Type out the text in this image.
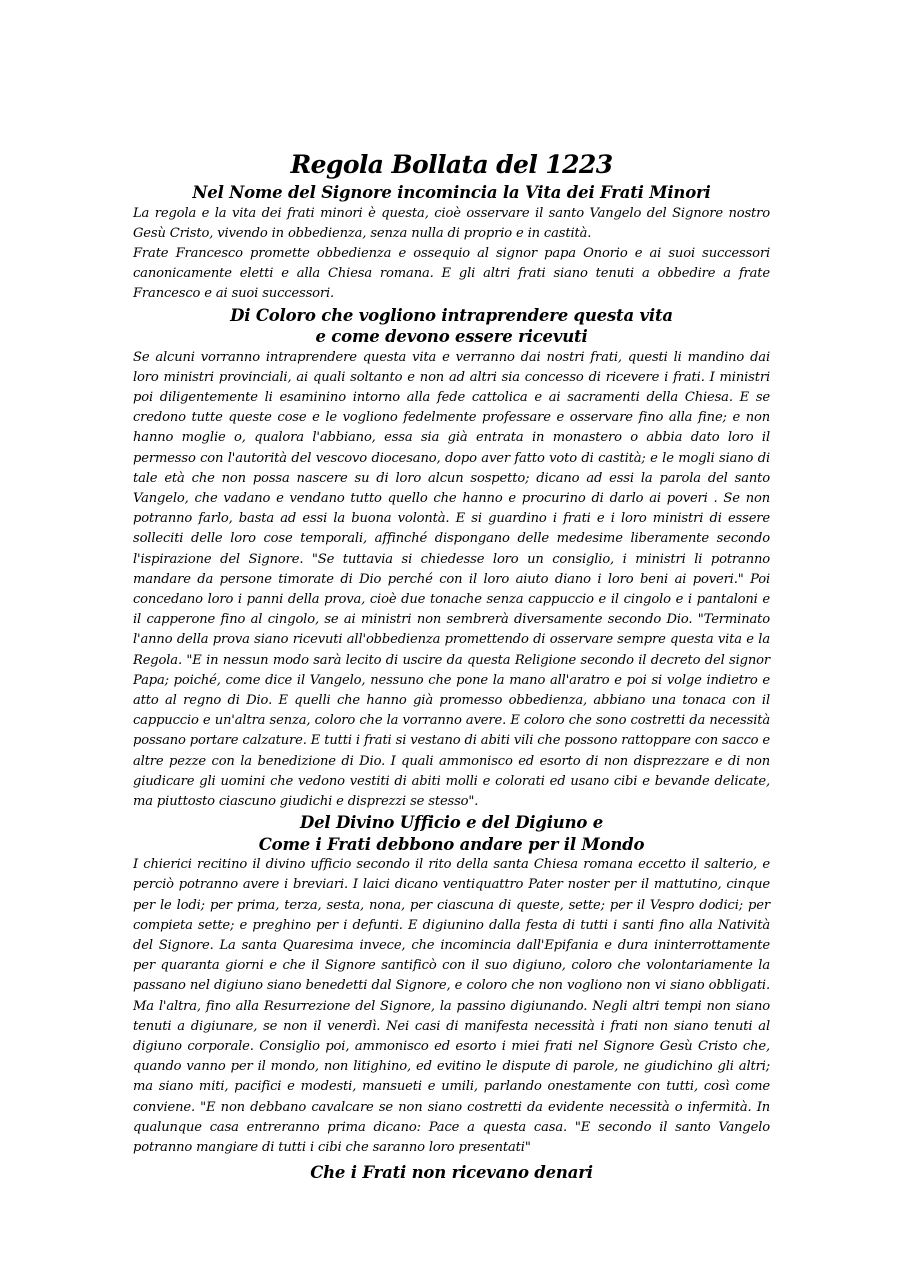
Regola Bollata del 1223
Nel Nome del Signore incomincia la Vita dei Frati Minori

La regola e la vita dei frati minori è questa, cioè osservare il santo Vangelo del Signore nostro Gesù Cristo, vivendo in obbedienza, senza nulla di proprio e in castità.

Frate Francesco promette obbedienza e ossequio al signor papa Onorio e ai suoi successori canonicamente eletti e alla Chiesa romana. E gli altri frati siano tenuti a obbedire a frate Francesco e ai suoi successori.

Di Coloro che vogliono intraprendere questa vita
e come devono essere ricevuti

Se alcuni vorranno intraprendere questa vita e verranno dai nostri frati, questi li mandino dai loro ministri provinciali, ai quali soltanto e non ad altri sia concesso di ricevere i frati. I ministri poi diligentemente li esaminino intorno alla fede cattolica e ai sacramenti della Chiesa. E se credono tutte queste cose e le vogliono fedelmente professare e osservare fino alla fine; e non hanno moglie o, qualora l'abbiano, essa sia già entrata in monastero o abbia dato loro il permesso con l'autorità del vescovo diocesano, dopo aver fatto voto di castità; e le mogli siano di tale età che non possa nascere su di loro alcun sospetto; dicano ad essi la parola del santo Vangelo, che vadano e vendano tutto quello che hanno e procurino di darlo ai poveri . Se non potranno farlo, basta ad essi la buona volontà. E si guardino i frati e i loro ministri di essere solleciti delle loro cose temporali, affinché dispongano delle medesime liberamente secondo l'ispirazione del Signore. "Se tuttavia si chiedesse loro un consiglio, i ministri li potranno mandare da persone timorate di Dio perché con il loro aiuto diano i loro beni ai poveri." Poi concedano loro i panni della prova, cioè due tonache senza cappuccio e il cingolo e i pantaloni e il capperone fino al cingolo, se ai ministri non sembrerà diversamente secondo Dio. "Terminato l'anno della prova siano ricevuti all'obbedienza promettendo di osservare sempre questa vita e la Regola. "E in nessun modo sarà lecito di uscire da questa Religione secondo il decreto del signor Papa; poiché, come dice il Vangelo, nessuno che pone la mano all'aratro e poi si volge indietro e atto al regno di Dio. E quelli che hanno già promesso obbedienza, abbiano una tonaca con il cappuccio e un'altra senza, coloro che la vorranno avere. E coloro che sono costretti da necessità possano portare calzature. E tutti i frati si vestano di abiti vili che possono rattoppare con sacco e altre pezze con la benedizione di Dio. I quali ammonisco ed esorto di non disprezzare e di non giudicare gli uomini che vedono vestiti di abiti molli e colorati ed usano cibi e bevande delicate, ma piuttosto ciascuno giudichi e disprezzi se stesso".

Del Divino Ufficio e del Digiuno e
Come i Frati debbono andare per il Mondo

I chierici recitino il divino ufficio secondo il rito della santa Chiesa romana eccetto il salterio, e perciò potranno avere i breviari. I laici dicano ventiquattro Pater noster per il mattutino, cinque per le lodi; per prima, terza, sesta, nona, per ciascuna di queste, sette; per il Vespro dodici; per compieta sette; e preghino per i defunti. E digiunino dalla festa di tutti i santi fino alla Natività del Signore. La santa Quaresima invece, che incomincia dall'Epifania e dura ininterrottamente per quaranta giorni e che il Signore santificò con il suo digiuno, coloro che volontariamente la passano nel digiuno siano benedetti dal Signore, e coloro che non vogliono non vi siano obbligati. Ma l'altra, fino alla Resurrezione del Signore, la passino digiunando. Negli altri tempi non siano tenuti a digiunare, se non il venerdì. Nei casi di manifesta necessità i frati non siano tenuti al digiuno corporale. Consiglio poi, ammonisco ed esorto i miei frati nel Signore Gesù Cristo che, quando vanno per il mondo, non litighino, ed evitino le dispute di parole, ne giudichino gli altri; ma siano miti, pacifici e modesti, mansueti e umili, parlando onestamente con tutti, così come conviene. "E non debbano cavalcare se non siano costretti da evidente necessità o infermità. In qualunque casa entreranno prima dicano: Pace a questa casa. "E secondo il santo Vangelo potranno mangiare di tutti i cibi che saranno loro presentati"

Che i Frati non ricevano denari
